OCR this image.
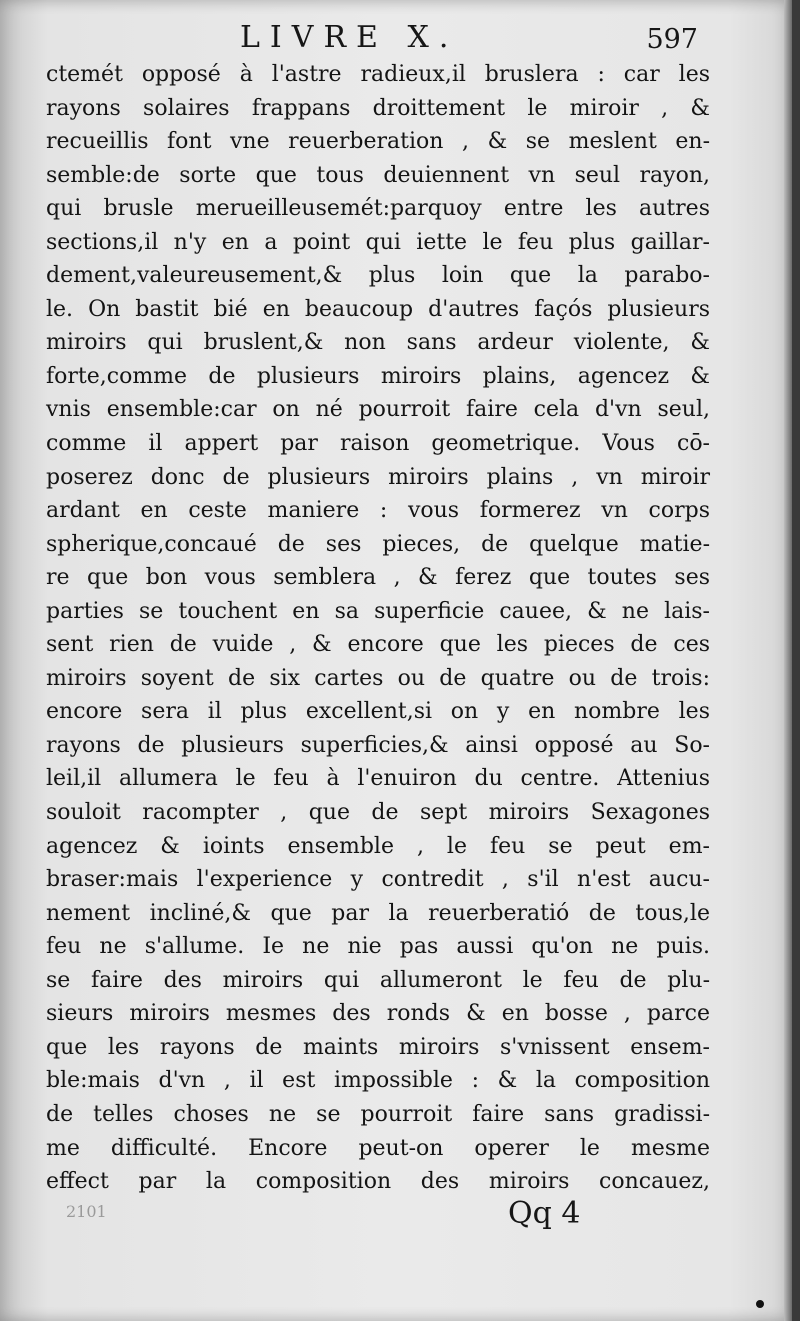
LIVRE X.	597
ctemét opposé à l'astre radieux,il bruslera : car les
rayons solaires frappans droittement le miroir , &
recueillis font vne reuerberation , & se meslent en-
semble:de sorte que tous deuiennent vn seul rayon,
qui brusle merueilleusemét:parquoy entre les autres
sections,il n'y en a point qui iette le feu plus gaillar-
dement,valeureusement,& plus loin que la parabo-
le. On bastit bié en beaucoup d'autres façós plusieurs
miroirs qui bruslent,& non sans ardeur violente, &
forte,comme de plusieurs miroirs plains, agencez &
vnis ensemble:car on né pourroit faire cela d'vn seul,
comme il appert par raison geometrique. Vous cō-
poserez donc de plusieurs miroirs plains , vn miroir
ardant en ceste maniere : vous formerez vn corps
spherique,concaué de ses pieces, de quelque matie-
re que bon vous semblera , & ferez que toutes ses
parties se touchent en sa superficie cauee, & ne lais-
sent rien de vuide , & encore que les pieces de ces
miroirs soyent de six cartes ou de quatre ou de trois:
encore sera il plus excellent,si on y en nombre les
rayons de plusieurs superficies,& ainsi opposé au So-
leil,il allumera le feu à l'enuiron du centre. Attenius
souloit racompter , que de sept miroirs Sexagones
agencez & ioints ensemble , le feu se peut em-
braser:mais l'experience y contredit , s'il n'est aucu-
nement incliné,& que par la reuerberatió de tous,le
feu ne s'allume. Ie ne nie pas aussi qu'on ne puis.
se faire des miroirs qui allumeront le feu de plu-
sieurs miroirs mesmes des ronds & en bosse , parce
que les rayons de maints miroirs s'vnissent ensem-
ble:mais d'vn , il est impossible : & la composition
de telles choses ne se pourroit faire sans gradissi-
me difficulté. Encore peut-on operer le mesme
effect par la composition des miroirs concauez,
2101	Qq 4
